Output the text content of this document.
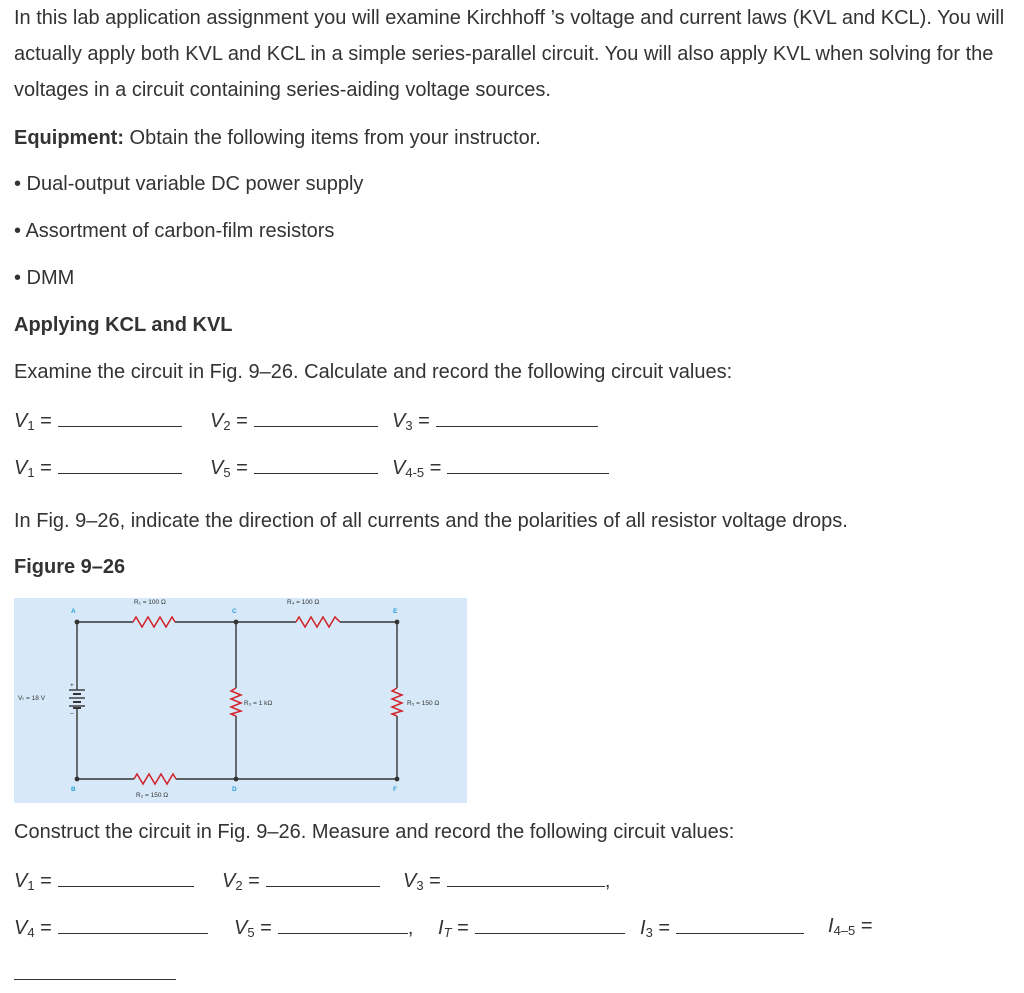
In this lab application assignment you will examine Kirchhoff ’s voltage and current laws (KVL and KCL). You will actually apply both KVL and KCL in a simple series-parallel circuit. You will also apply KVL when solving for the voltages in a circuit containing series-aiding voltage sources.
Equipment: Obtain the following items from your instructor.
• Dual-output variable DC power supply
• Assortment of carbon-film resistors
• DMM
Applying KCL and KVL
Examine the circuit in Fig. 9–26. Calculate and record the following circuit values:
$V_1$ =	$V_2$ =	$V_3$ =
$V_1$ =	$V_5$ =	$V_{4-5}$ =
In Fig. 9–26, indicate the direction of all currents and the polarities of all resistor voltage drops.
Figure 9–26
A
B
C
D
E
F
R₁ = 100 Ω	R₄ = 100 Ω
R₂ = 150 Ω
R₃ = 1 kΩ	R₅ = 150 Ω
Vₜ = 18 V
+
–
Construct the circuit in Fig. 9–26. Measure and record the following circuit values:
$V_1$ =	$V_2$ =	$V_3$ =	,
$V_4$ =	$V_5$ =	, $I_T$ =	$I_3$ =	$I_{4-5}$ =
